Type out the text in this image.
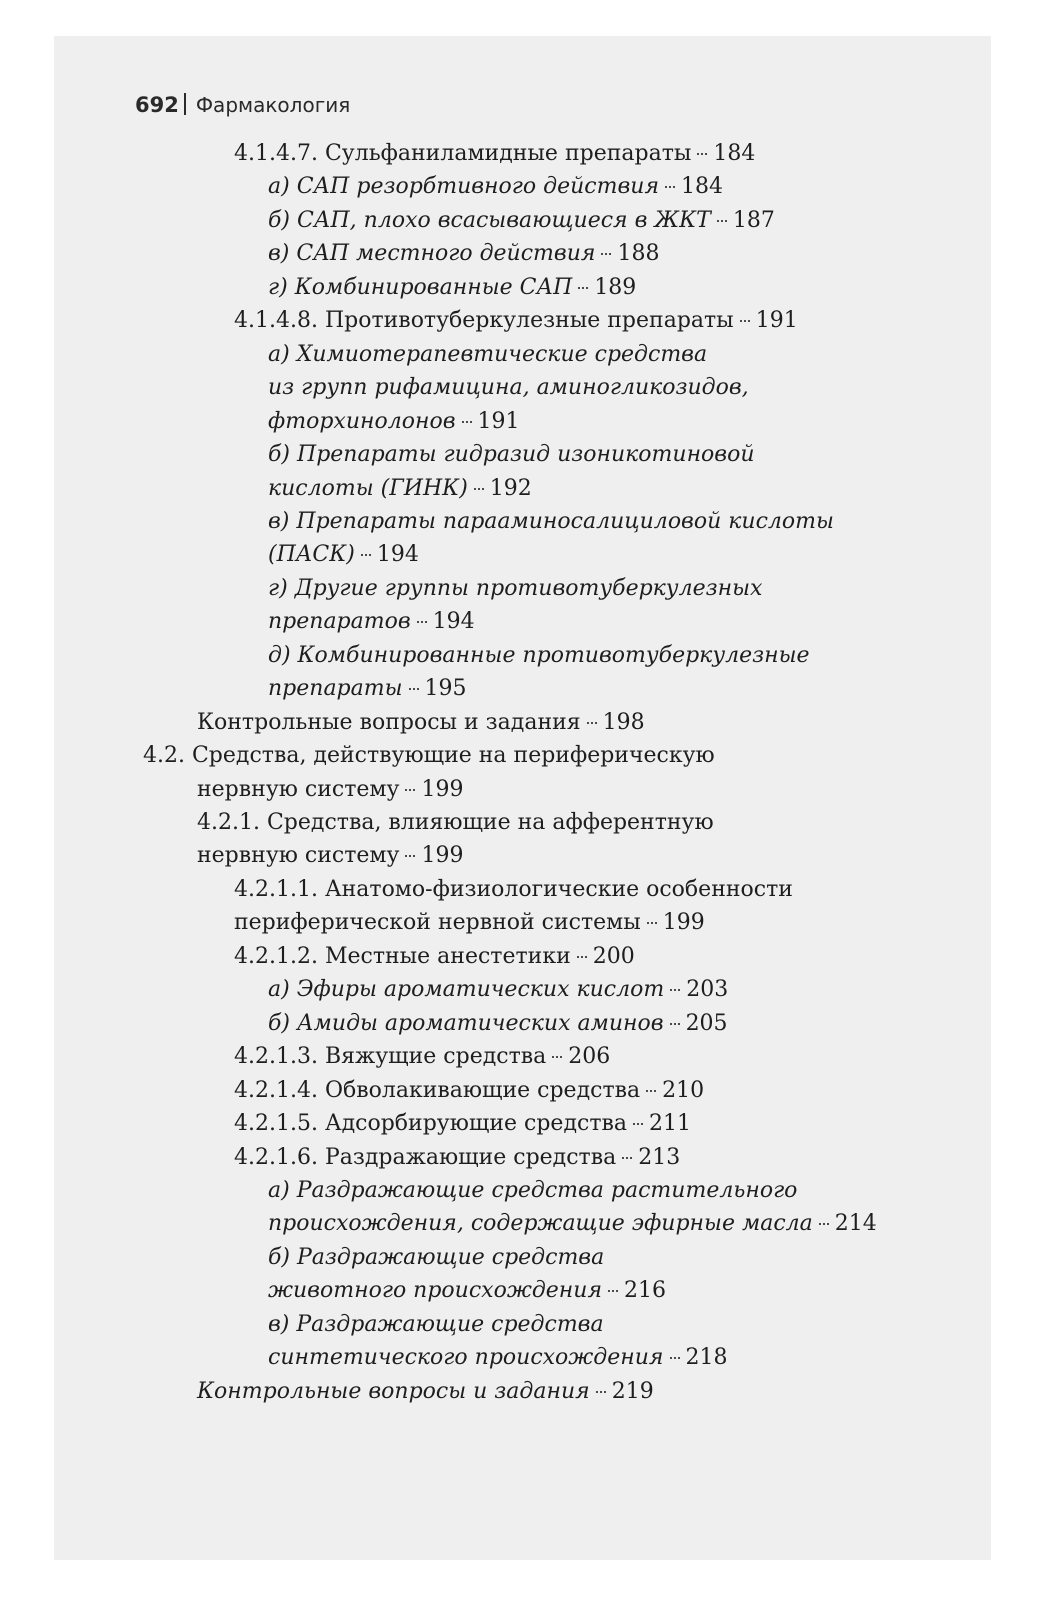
692 Фармакология
4.1.4.7. Сульфаниламидные препараты 184
а) САП резорбтивного действия 184
б) САП, плохо всасывающиеся в ЖКТ 187
в) САП местного действия 188
г) Комбинированные САП 189
4.1.4.8. Противотуберкулезные препараты 191
а) Химиотерапевтические средства
из групп рифамицина, аминогликозидов,
фторхинолонов 191
б) Препараты гидразид изоникотиновой
кислоты (ГИНК) 192
в) Препараты парааминосалициловой кислоты
(ПАСК) 194
г) Другие группы противотуберкулезных
препаратов 194
д) Комбинированные противотуберкулезные
препараты 195
Контрольные вопросы и задания 198
4.2. Средства, действующие на периферическую
нервную систему 199
4.2.1. Средства, влияющие на афферентную
нервную систему 199
4.2.1.1. Анатомо-физиологические особенности
периферической нервной системы 199
4.2.1.2. Местные анестетики 200
а) Эфиры ароматических кислот 203
б) Амиды ароматических аминов 205
4.2.1.3. Вяжущие средства 206
4.2.1.4. Обволакивающие средства 210
4.2.1.5. Адсорбирующие средства 211
4.2.1.6. Раздражающие средства 213
а) Раздражающие средства растительного
происхождения, содержащие эфирные масла 214
б) Раздражающие средства
животного происхождения 216
в) Раздражающие средства
синтетического происхождения 218
Контрольные вопросы и задания 219
